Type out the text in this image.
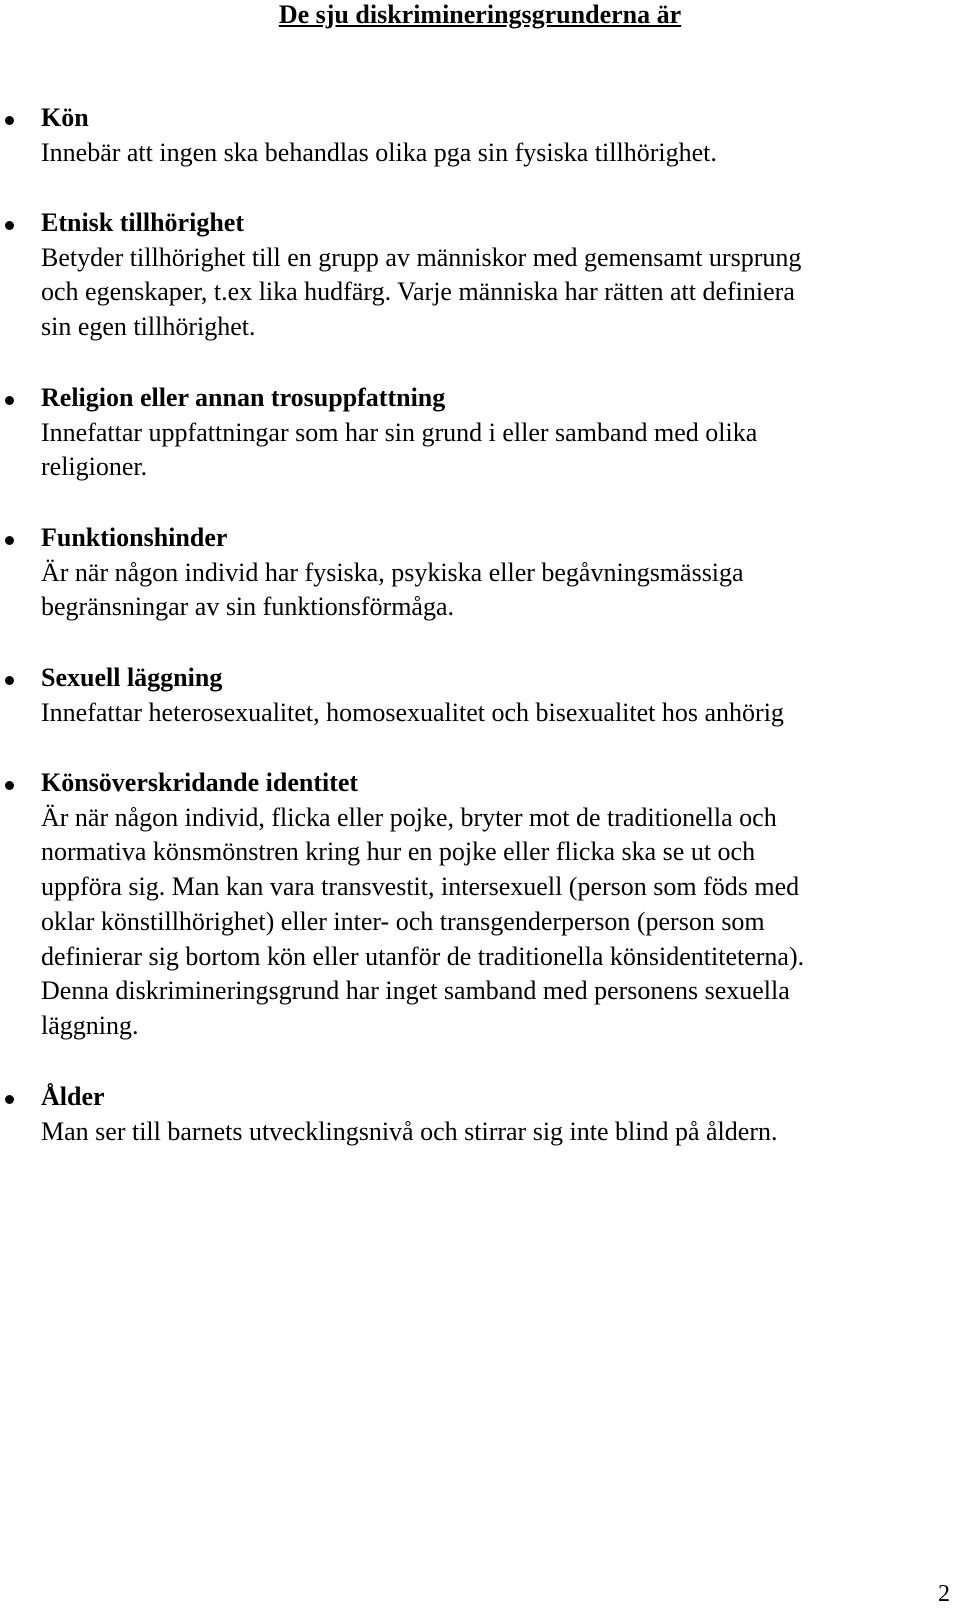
De sju diskrimineringsgrunderna är
Kön
Innebär att ingen ska behandlas olika pga sin fysiska tillhörighet.
Etnisk tillhörighet
Betyder tillhörighet till en grupp av människor med gemensamt ursprung
och egenskaper, t.ex lika hudfärg. Varje människa har rätten att definiera
sin egen tillhörighet.
Religion eller annan trosuppfattning
Innefattar uppfattningar som har sin grund i eller samband med olika
religioner.
Funktionshinder
Är när någon individ har fysiska, psykiska eller begåvningsmässiga
begränsningar av sin funktionsförmåga.
Sexuell läggning
Innefattar heterosexualitet, homosexualitet och bisexualitet hos anhörig
Könsöverskridande identitet
Är när någon individ, flicka eller pojke, bryter mot de traditionella och
normativa könsmönstren kring hur en pojke eller flicka ska se ut och
uppföra sig. Man kan vara transvestit, intersexuell (person som föds med
oklar könstillhörighet) eller inter- och transgenderperson (person som
definierar sig bortom kön eller utanför de traditionella könsidentiteterna).
Denna diskrimineringsgrund har inget samband med personens sexuella
läggning.
Ålder
Man ser till barnets utvecklingsnivå och stirrar sig inte blind på åldern.
2
